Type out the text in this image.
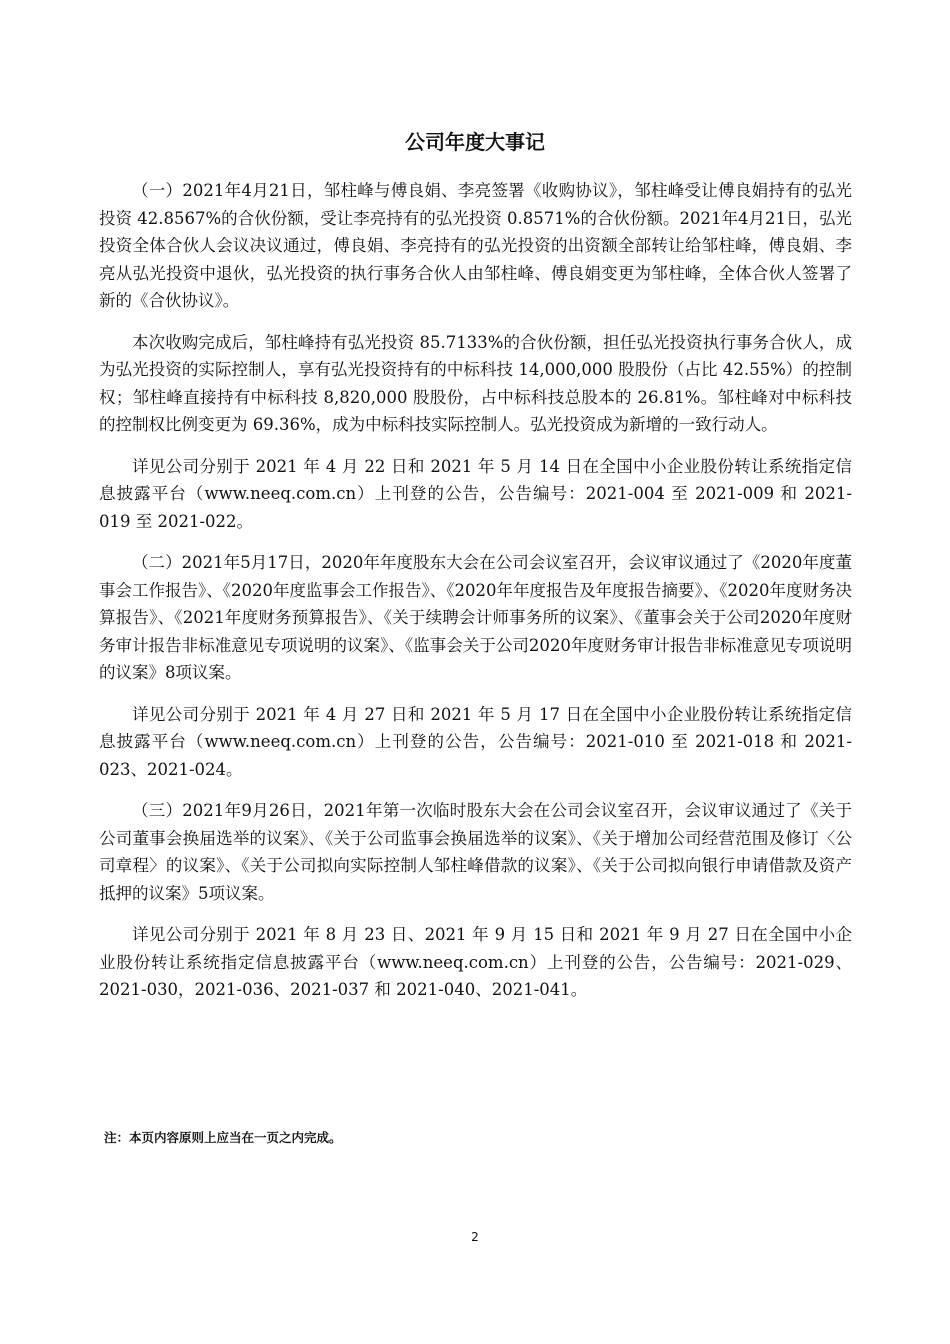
公司年度大事记

（一）2021年4月21日，邹柱峰与傅良娟、李亮签署《收购协议》，邹柱峰受让傅良娟持有的弘光投资 42.8567%的合伙份额，受让李亮持有的弘光投资 0.8571%的合伙份额。2021年4月21日，弘光投资全体合伙人会议决议通过，傅良娟、李亮持有的弘光投资的出资额全部转让给邹柱峰，傅良娟、李亮从弘光投资中退伙，弘光投资的执行事务合伙人由邹柱峰、傅良娟变更为邹柱峰，全体合伙人签署了新的《合伙协议》。

本次收购完成后，邹柱峰持有弘光投资 85.7133%的合伙份额，担任弘光投资执行事务合伙人，成为弘光投资的实际控制人，享有弘光投资持有的中标科技 14,000,000 股股份（占比 42.55%）的控制权；邹柱峰直接持有中标科技 8,820,000 股股份，占中标科技总股本的 26.81%。邹柱峰对中标科技的控制权比例变更为 69.36%，成为中标科技实际控制人。弘光投资成为新增的一致行动人。

详见公司分别于 2021 年 4 月 22 日和 2021 年 5 月 14 日在全国中小企业股份转让系统指定信息披露平台（www.neeq.com.cn）上刊登的公告，公告编号：2021-004 至 2021-009 和 2021-019 至 2021-022。

（二）2021年5月17日，2020年年度股东大会在公司会议室召开，会议审议通过了《2020年度董事会工作报告》、《2020年度监事会工作报告》、《2020年年度报告及年度报告摘要》、《2020年度财务决算报告》、《2021年度财务预算报告》、《关于续聘会计师事务所的议案》、《董事会关于公司2020年度财务审计报告非标准意见专项说明的议案》、《监事会关于公司2020年度财务审计报告非标准意见专项说明的议案》8项议案。

详见公司分别于 2021 年 4 月 27 日和 2021 年 5 月 17 日在全国中小企业股份转让系统指定信息披露平台（www.neeq.com.cn）上刊登的公告，公告编号：2021-010 至 2021-018 和 2021-023、2021-024。

（三）2021年9月26日，2021年第一次临时股东大会在公司会议室召开，会议审议通过了《关于公司董事会换届选举的议案》、《关于公司监事会换届选举的议案》、《关于增加公司经营范围及修订〈公司章程〉的议案》、《关于公司拟向实际控制人邹柱峰借款的议案》、《关于公司拟向银行申请借款及资产抵押的议案》5项议案。

详见公司分别于 2021 年 8 月 23 日、2021 年 9 月 15 日和 2021 年 9 月 27 日在全国中小企业股份转让系统指定信息披露平台（www.neeq.com.cn）上刊登的公告，公告编号：2021-029、2021-030，2021-036、2021-037 和 2021-040、2021-041。

注：本页内容原则上应当在一页之内完成。
2
